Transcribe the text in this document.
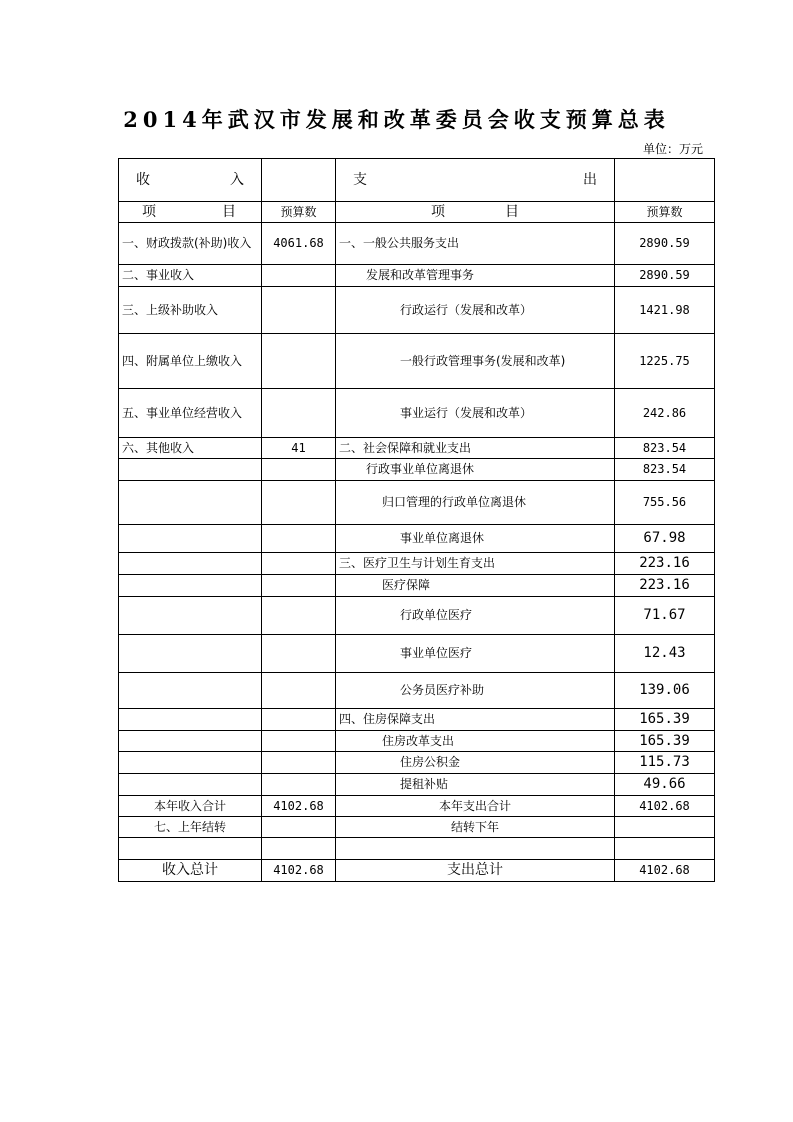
2014年武汉市发展和改革委员会收支预算总表
单位：万元
收 入		支 出	

项 目	预算数	项 目	预算数
一、财政拨款(补助)收入	4061.68	一、一般公共服务支出	2890.59
二、事业收入		发展和改革管理事务	2890.59
三、上级补助收入		行政运行（发展和改革）	1421.98
四、附属单位上缴收入		一般行政管理事务(发展和改革)	1225.75
五、事业单位经营收入		事业运行（发展和改革）	242.86
六、其他收入	41	二、社会保障和就业支出	823.54
		行政事业单位离退休	823.54
		归口管理的行政单位离退休	755.56
		事业单位离退休	67.98
		三、医疗卫生与计划生育支出	223.16
		医疗保障	223.16
		行政单位医疗	71.67
		事业单位医疗	12.43
		公务员医疗补助	139.06
		四、住房保障支出	165.39
		住房改革支出	165.39
		住房公积金	115.73
		提租补贴	49.66
本年收入合计	4102.68	本年支出合计	4102.68
七、上年结转		结转下年	

收入总计	4102.68	支出总计	4102.68
